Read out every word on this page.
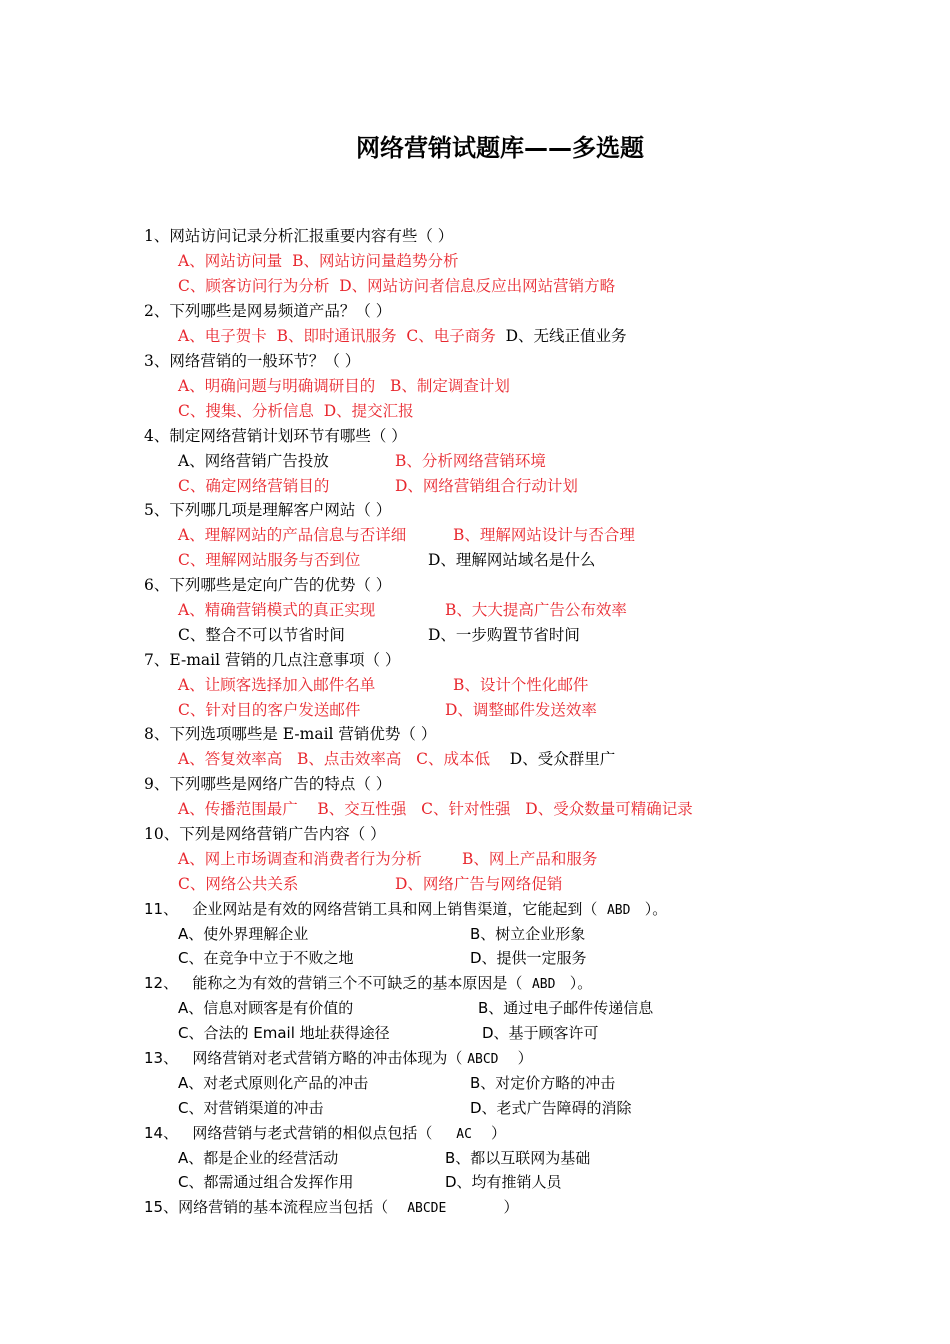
网络营销试题库——多选题
1、网站访问记录分析汇报重要内容有些（ ）
A、网站访问量 B、网站访问量趋势分析
C、顾客访问行为分析 D、网站访问者信息反应出网站营销方略
2、下列哪些是网易频道产品？（ ）
A、电子贺卡 B、即时通讯服务 C、电子商务 D、无线正值业务
3、网络营销的一般环节？（ ）
A、明确问题与明确调研目的 B、制定调查计划
C、搜集、分析信息 D、提交汇报
4、制定网络营销计划环节有哪些（ ）
A、网络营销广告投放	B、分析网络营销环境
C、确定网络营销目的	D、网络营销组合行动计划
5、下列哪几项是理解客户网站（ ）
A、理解网站的产品信息与否详细	B、理解网站设计与否合理
C、理解网站服务与否到位	D、理解网站域名是什么
6、下列哪些是定向广告的优势（ ）
A、精确营销模式的真正实现	B、大大提高广告公布效率
C、整合不可以节省时间	D、一步购置节省时间
7、E-mail 营销的几点注意事项（ ）
A、让顾客选择加入邮件名单	B、设计个性化邮件
C、针对目的客户发送邮件	D、调整邮件发送效率
8、下列选项哪些是 E-mail 营销优势（ ）
A、答复效率高 B、点击效率高 C、成本低 D、受众群里广
9、下列哪些是网络广告的特点（ ）
A、传播范围最广 B、交互性强 C、针对性强 D、受众数量可精确记录
10、下列是网络营销广告内容（ ）
A、网上市场调查和消费者行为分析	B、网上产品和服务
C、网络公共关系	D、网络广告与网络促销
11、 企业网站是有效的网络营销工具和网上销售渠道，它能起到（ ABD ）。
A、使外界理解企业	B、树立企业形象
C、在竞争中立于不败之地	D、提供一定服务
12、 能称之为有效的营销三个不可缺乏的基本原因是（ ABD ）。
A、信息对顾客是有价值的	B、通过电子邮件传递信息
C、合法的 Email 地址获得途径	D、基于顾客许可
13、 网络营销对老式营销方略的冲击体现为（ ABCD ）
A、对老式原则化产品的冲击	B、对定价方略的冲击
C、对营销渠道的冲击	D、老式广告障碍的消除
14、 网络营销与老式营销的相似点包括（ AC ）
A、都是企业的经营活动	B、都以互联网为基础
C、都需通过组合发挥作用	D、均有推销人员
15、网络营销的基本流程应当包括（ ABCDE	）
